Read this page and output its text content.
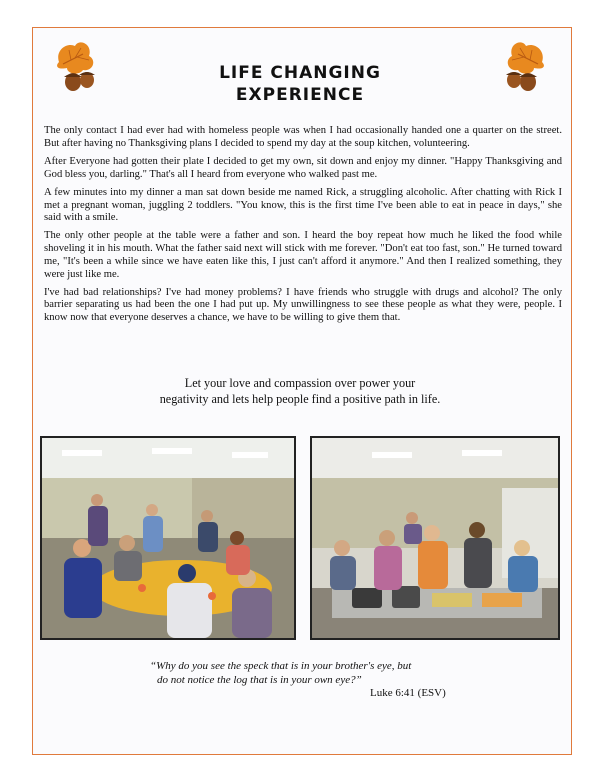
LIFE CHANGING
EXPERIENCE

The only contact I had ever had with homeless people was when I had occasionally handed one a quarter on the street. But after having no Thanksgiving plans I decided to spend my day at the soup kitchen, volunteering.

After Everyone had gotten their plate I decided to get my own, sit down and enjoy my dinner. "Happy Thanksgiving and God bless you, darling." That's all I heard from everyone who walked past me.

A few minutes into my dinner a man sat down beside me named Rick, a struggling alcoholic. After chatting with Rick I met a pregnant woman, juggling 2 toddlers. "You know, this is the first time I've been able to eat in peace in days," she said with a smile.

The only other people at the table were a father and son. I heard the boy repeat how much he liked the food while shoveling it in his mouth. What the father said next will stick with me forever. "Don't eat too fast, son." He turned toward me, "It's been a while since we have eaten like this, I just can't afford it anymore." And then I realized something, they were just like me.

I've had bad relationships? I've had money problems? I have friends who struggle with drugs and alcohol? The only barrier separating us had been the one I had put up. My unwillingness to see these people as what they were, people. I know now that everyone deserves a chance, we have to be willing to give them that.

Let your love and compassion over power your
negativity and lets help people find a positive path in life.
“Why do you see the speck that is in your brother's eye, but
do not notice the log that is in your own eye?”
Luke 6:41 (ESV)
